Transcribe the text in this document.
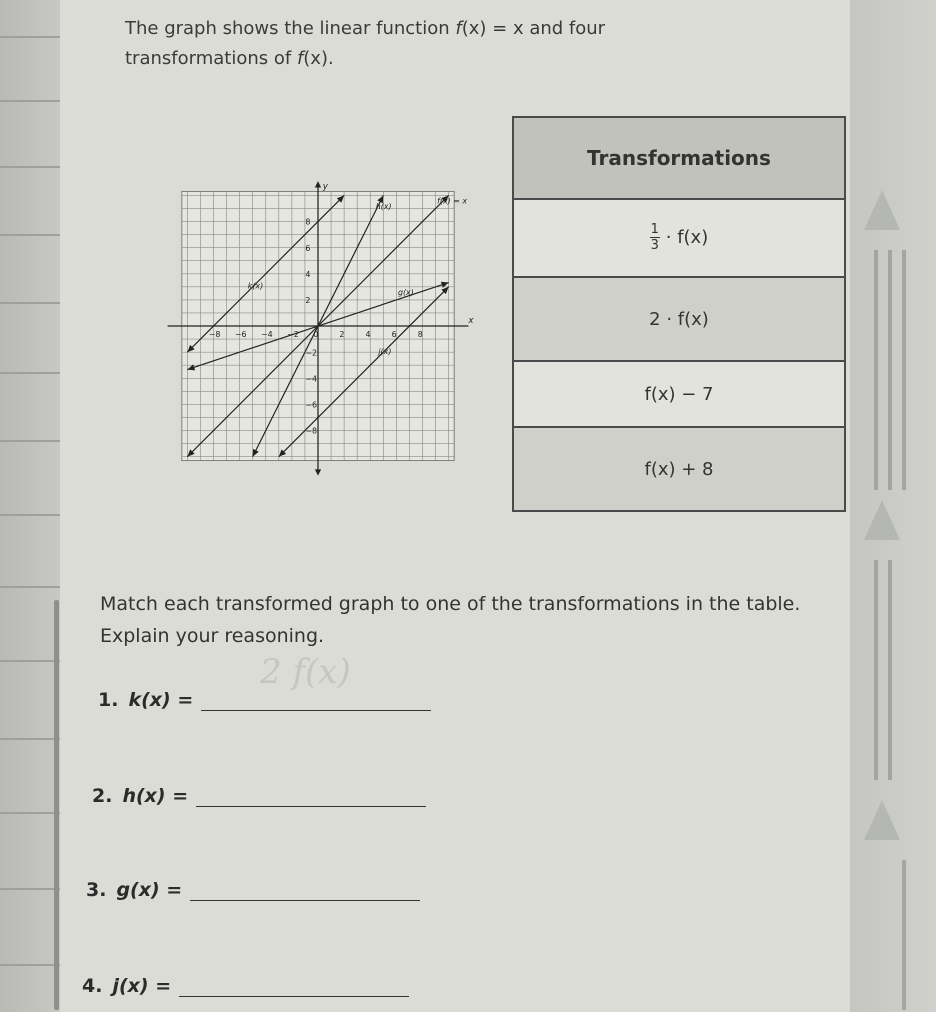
The graph shows the linear function f(x) = x and four
transformations of f(x).
x
y
−8 −6 −4 −2 0 2 4 6 8
8
6
4
2
−2
−4
−6
−8
f(x) = x
h(x)
k(x)
g(x)
j(x)
Transformations
$\frac{1}{3} \cdot f(x)$
2 · f(x)
f(x) − 7
f(x) + 8
Match each transformed graph to one of the transformations in the table. Explain your reasoning.
2 f(x)
1. k(x) =
2. h(x) =
3. g(x) =
4. j(x) =
